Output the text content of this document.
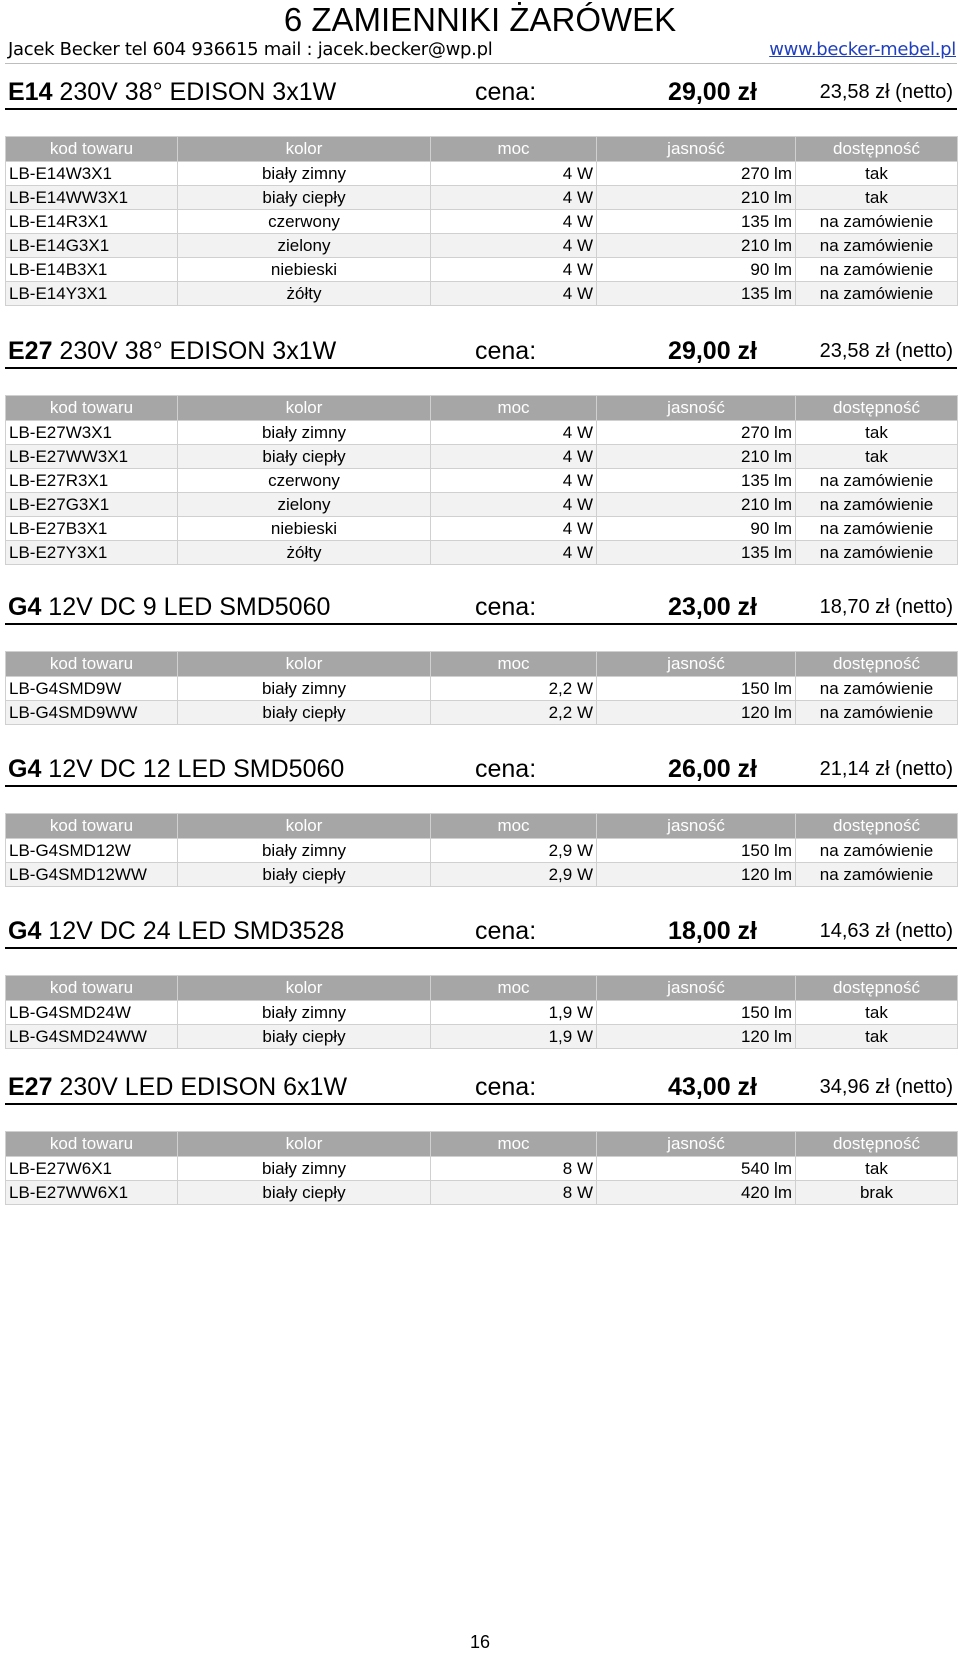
6 ZAMIENNIKI ŻARÓWEK
Jacek Becker tel 604 936615 mail : jacek.becker@wp.pl	www.becker-mebel.pl
E14 230V 38° EDISON 3x1W	cena:	29,00 zł	23,58 zł (netto)
kod towaru	kolor	moc	jasność	dostępność
LB-E14W3X1	biały zimny	4 W	270 lm	tak
LB-E14WW3X1	biały ciepły	4 W	210 lm	tak
LB-E14R3X1	czerwony	4 W	135 lm	na zamówienie
LB-E14G3X1	zielony	4 W	210 lm	na zamówienie
LB-E14B3X1	niebieski	4 W	90 lm	na zamówienie
LB-E14Y3X1	żółty	4 W	135 lm	na zamówienie
E27 230V 38° EDISON 3x1W	cena:	29,00 zł	23,58 zł (netto)
kod towaru	kolor	moc	jasność	dostępność
LB-E27W3X1	biały zimny	4 W	270 lm	tak
LB-E27WW3X1	biały ciepły	4 W	210 lm	tak
LB-E27R3X1	czerwony	4 W	135 lm	na zamówienie
LB-E27G3X1	zielony	4 W	210 lm	na zamówienie
LB-E27B3X1	niebieski	4 W	90 lm	na zamówienie
LB-E27Y3X1	żółty	4 W	135 lm	na zamówienie
G4 12V DC 9 LED SMD5060	cena:	23,00 zł	18,70 zł (netto)
kod towaru	kolor	moc	jasność	dostępność
LB-G4SMD9W	biały zimny	2,2 W	150 lm	na zamówienie
LB-G4SMD9WW	biały ciepły	2,2 W	120 lm	na zamówienie
G4 12V DC 12 LED SMD5060	cena:	26,00 zł	21,14 zł (netto)
kod towaru	kolor	moc	jasność	dostępność
LB-G4SMD12W	biały zimny	2,9 W	150 lm	na zamówienie
LB-G4SMD12WW	biały ciepły	2,9 W	120 lm	na zamówienie
G4 12V DC 24 LED SMD3528	cena:	18,00 zł	14,63 zł (netto)
kod towaru	kolor	moc	jasność	dostępność
LB-G4SMD24W	biały zimny	1,9 W	150 lm	tak
LB-G4SMD24WW	biały ciepły	1,9 W	120 lm	tak
E27 230V LED EDISON 6x1W	cena:	43,00 zł	34,96 zł (netto)
kod towaru	kolor	moc	jasność	dostępność
LB-E27W6X1	biały zimny	8 W	540 lm	tak
LB-E27WW6X1	biały ciepły	8 W	420 lm	brak
16
